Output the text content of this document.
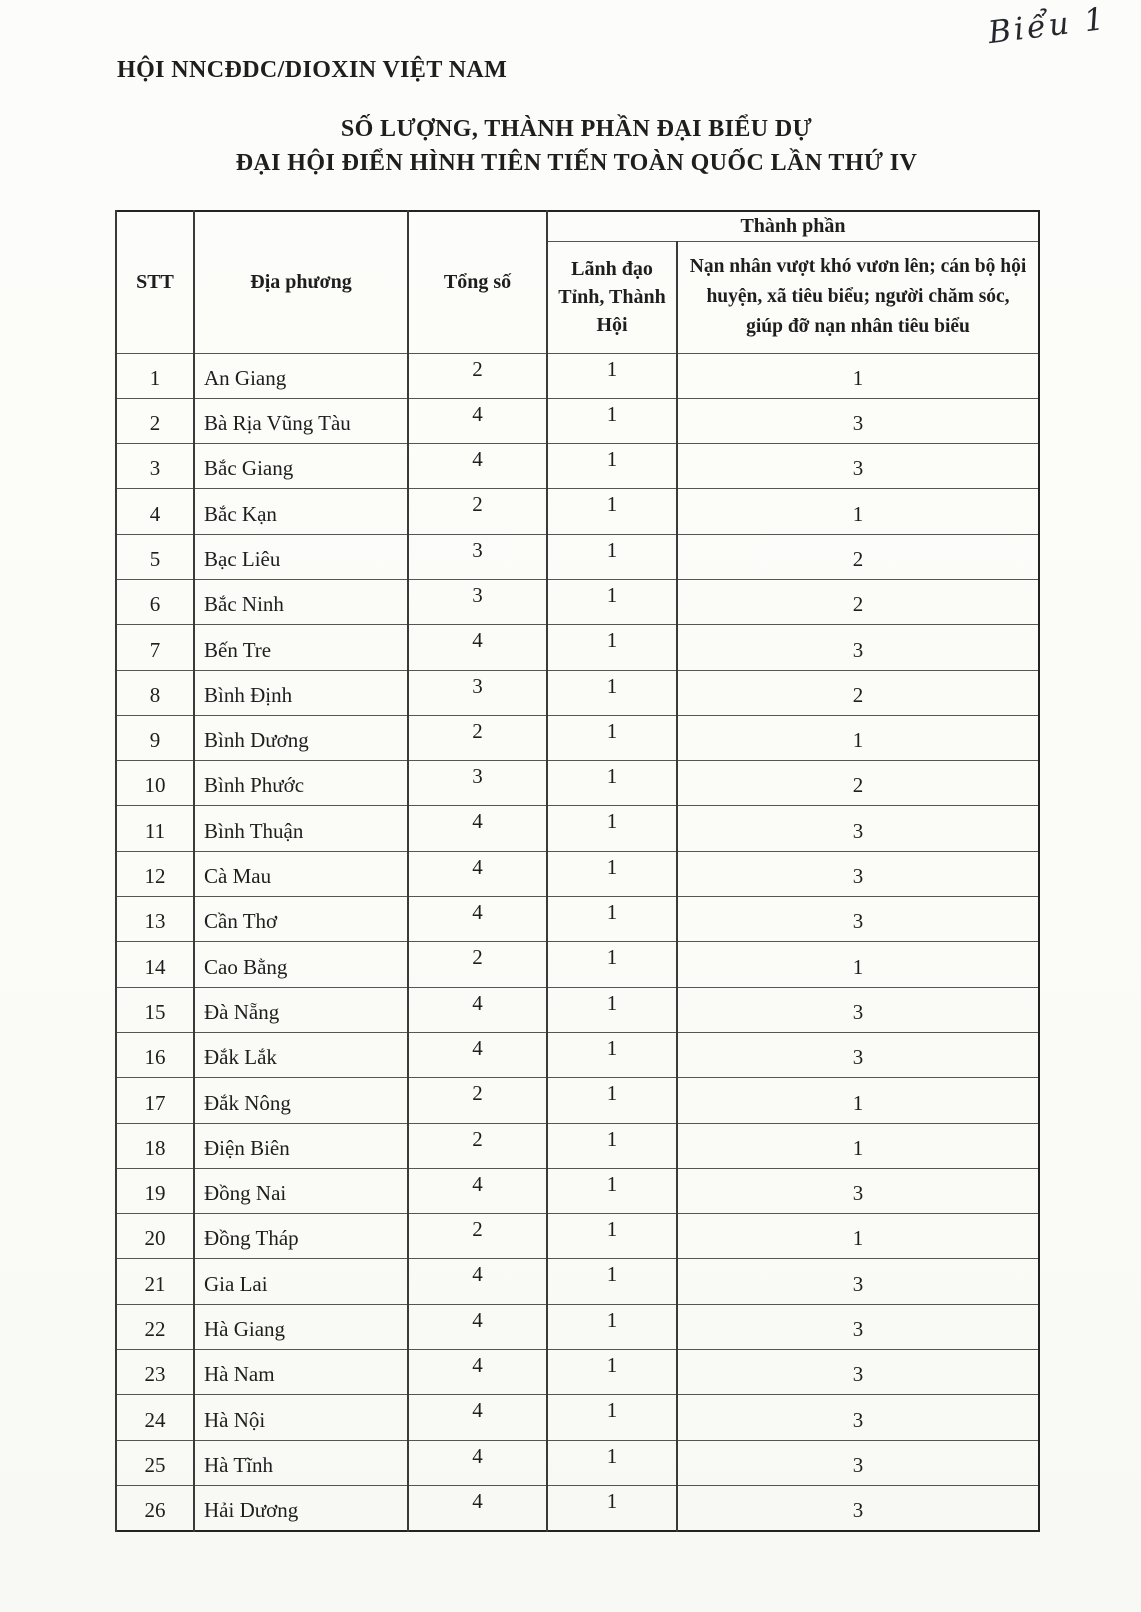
Biểu 1
HỘI NNCĐDC/DIOXIN VIỆT NAM
SỐ LƯỢNG, THÀNH PHẦN ĐẠI BIỂU DỰ
ĐẠI HỘI ĐIỂN HÌNH TIÊN TIẾN TOÀN QUỐC LẦN THỨ IV
STT	Địa phương	Tổng số	Thành phần	
			Lãnh đạo Tỉnh, Thành Hội	Nạn nhân vượt khó vươn lên; cán bộ hội huyện, xã tiêu biểu; người chăm sóc, giúp đỡ nạn nhân tiêu biểu
1	An Giang	2	1	1
2	Bà Rịa Vũng Tàu	4	1	3
3	Bắc Giang	4	1	3
4	Bắc Kạn	2	1	1
5	Bạc Liêu	3	1	2
6	Bắc Ninh	3	1	2
7	Bến Tre	4	1	3
8	Bình Định	3	1	2
9	Bình Dương	2	1	1
10	Bình Phước	3	1	2
11	Bình Thuận	4	1	3
12	Cà Mau	4	1	3
13	Cần Thơ	4	1	3
14	Cao Bằng	2	1	1
15	Đà Nẵng	4	1	3
16	Đắk Lắk	4	1	3
17	Đắk Nông	2	1	1
18	Điện Biên	2	1	1
19	Đồng Nai	4	1	3
20	Đồng Tháp	2	1	1
21	Gia Lai	4	1	3
22	Hà Giang	4	1	3
23	Hà Nam	4	1	3
24	Hà Nội	4	1	3
25	Hà Tĩnh	4	1	3
26	Hải Dương	4	1	3
